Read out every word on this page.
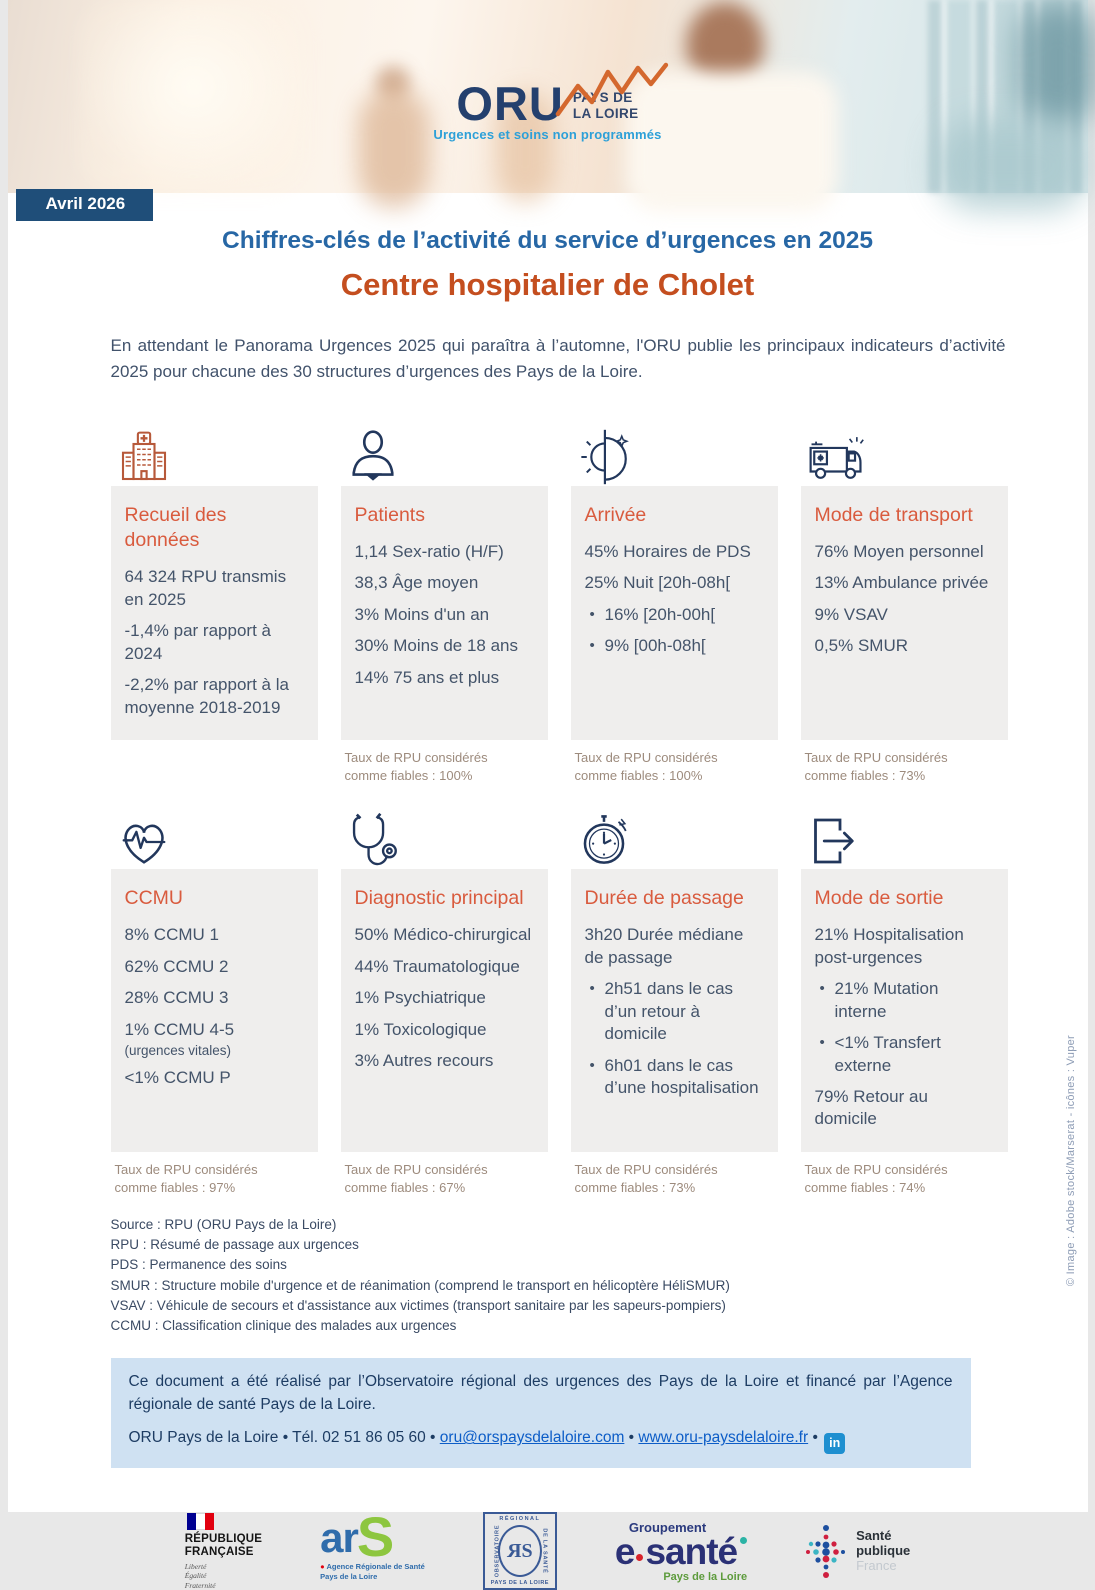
ORU PAYS DE
LA LOIRE
Urgences et soins non programmés
Avril 2026
Chiffres-clés de l’activité du service d’urgences en 2025
Centre hospitalier de Cholet

En attendant le Panorama Urgences 2025 qui paraîtra à l’automne, l'ORU publie les principaux indicateurs d’activité 2025 pour chacune des 30 structures d’urgences des Pays de la Loire.

Recueil des données
64 324 RPU transmis en 2025
-1,4% par rapport à 2024
-2,2% par rapport à la moyenne 2018-2019
Patients
1,14 Sex-ratio (H/F)
38,3 Âge moyen
3% Moins d'un an
30% Moins de 18 ans
14% 75 ans et plus
Taux de RPU considérés comme fiables : 100%
Arrivée
45% Horaires de PDS
25% Nuit [20h-08h[
• 16% [20h-00h[
• 9% [00h-08h[
Taux de RPU considérés comme fiables : 100%
Mode de transport
76% Moyen personnel
13% Ambulance privée
9% VSAV
0,5% SMUR
Taux de RPU considérés comme fiables : 73%
CCMU
8% CCMU 1
62% CCMU 2
28% CCMU 3
1% CCMU 4-5
(urgences vitales)
<1% CCMU P
Taux de RPU considérés comme fiables : 97%
Diagnostic principal
50% Médico-chirurgical
44% Traumatologique
1% Psychiatrique
1% Toxicologique
3% Autres recours
Taux de RPU considérés comme fiables : 67%
Durée de passage
3h20 Durée médiane de passage
• 2h51 dans le cas d’un retour à domicile
• 6h01 dans le cas d’une hospitalisation
Taux de RPU considérés comme fiables : 73%
Mode de sortie
21% Hospitalisation post-urgences
• 21% Mutation interne
• <1% Transfert externe
79% Retour au domicile
Taux de RPU considérés comme fiables : 74%
Source : RPU (ORU Pays de la Loire)
RPU : Résumé de passage aux urgences
PDS : Permanence des soins
SMUR : Structure mobile d'urgence et de réanimation (comprend le transport en hélicoptère HéliSMUR)
VSAV : Véhicule de secours et d'assistance aux victimes (transport sanitaire par les sapeurs-pompiers)
CCMU : Classification clinique des malades aux urgences
Ce document a été réalisé par l’Observatoire régional des urgences des Pays de la Loire et financé par l’Agence régionale de santé Pays de la Loire.
ORU Pays de la Loire • Tél. 02 51 86 05 60 • oru@orspaysdelaloire.com • www.oru-paysdelaloire.fr • in
RÉPUBLIQUE
FRANÇAISE
Liberté
Égalité
Fraternité
ar S
● Agence Régionale de Santé
Pays de la Loire
RÉGIONAL
OBSERVATOIRE	DE LA SANTÉ
RS
PAYS DE LA LOIRE
Groupement
e santé
Pays de la Loire
Santé
publique
France
© Image : Adobe stock/Marserat - icônes : Vuper
